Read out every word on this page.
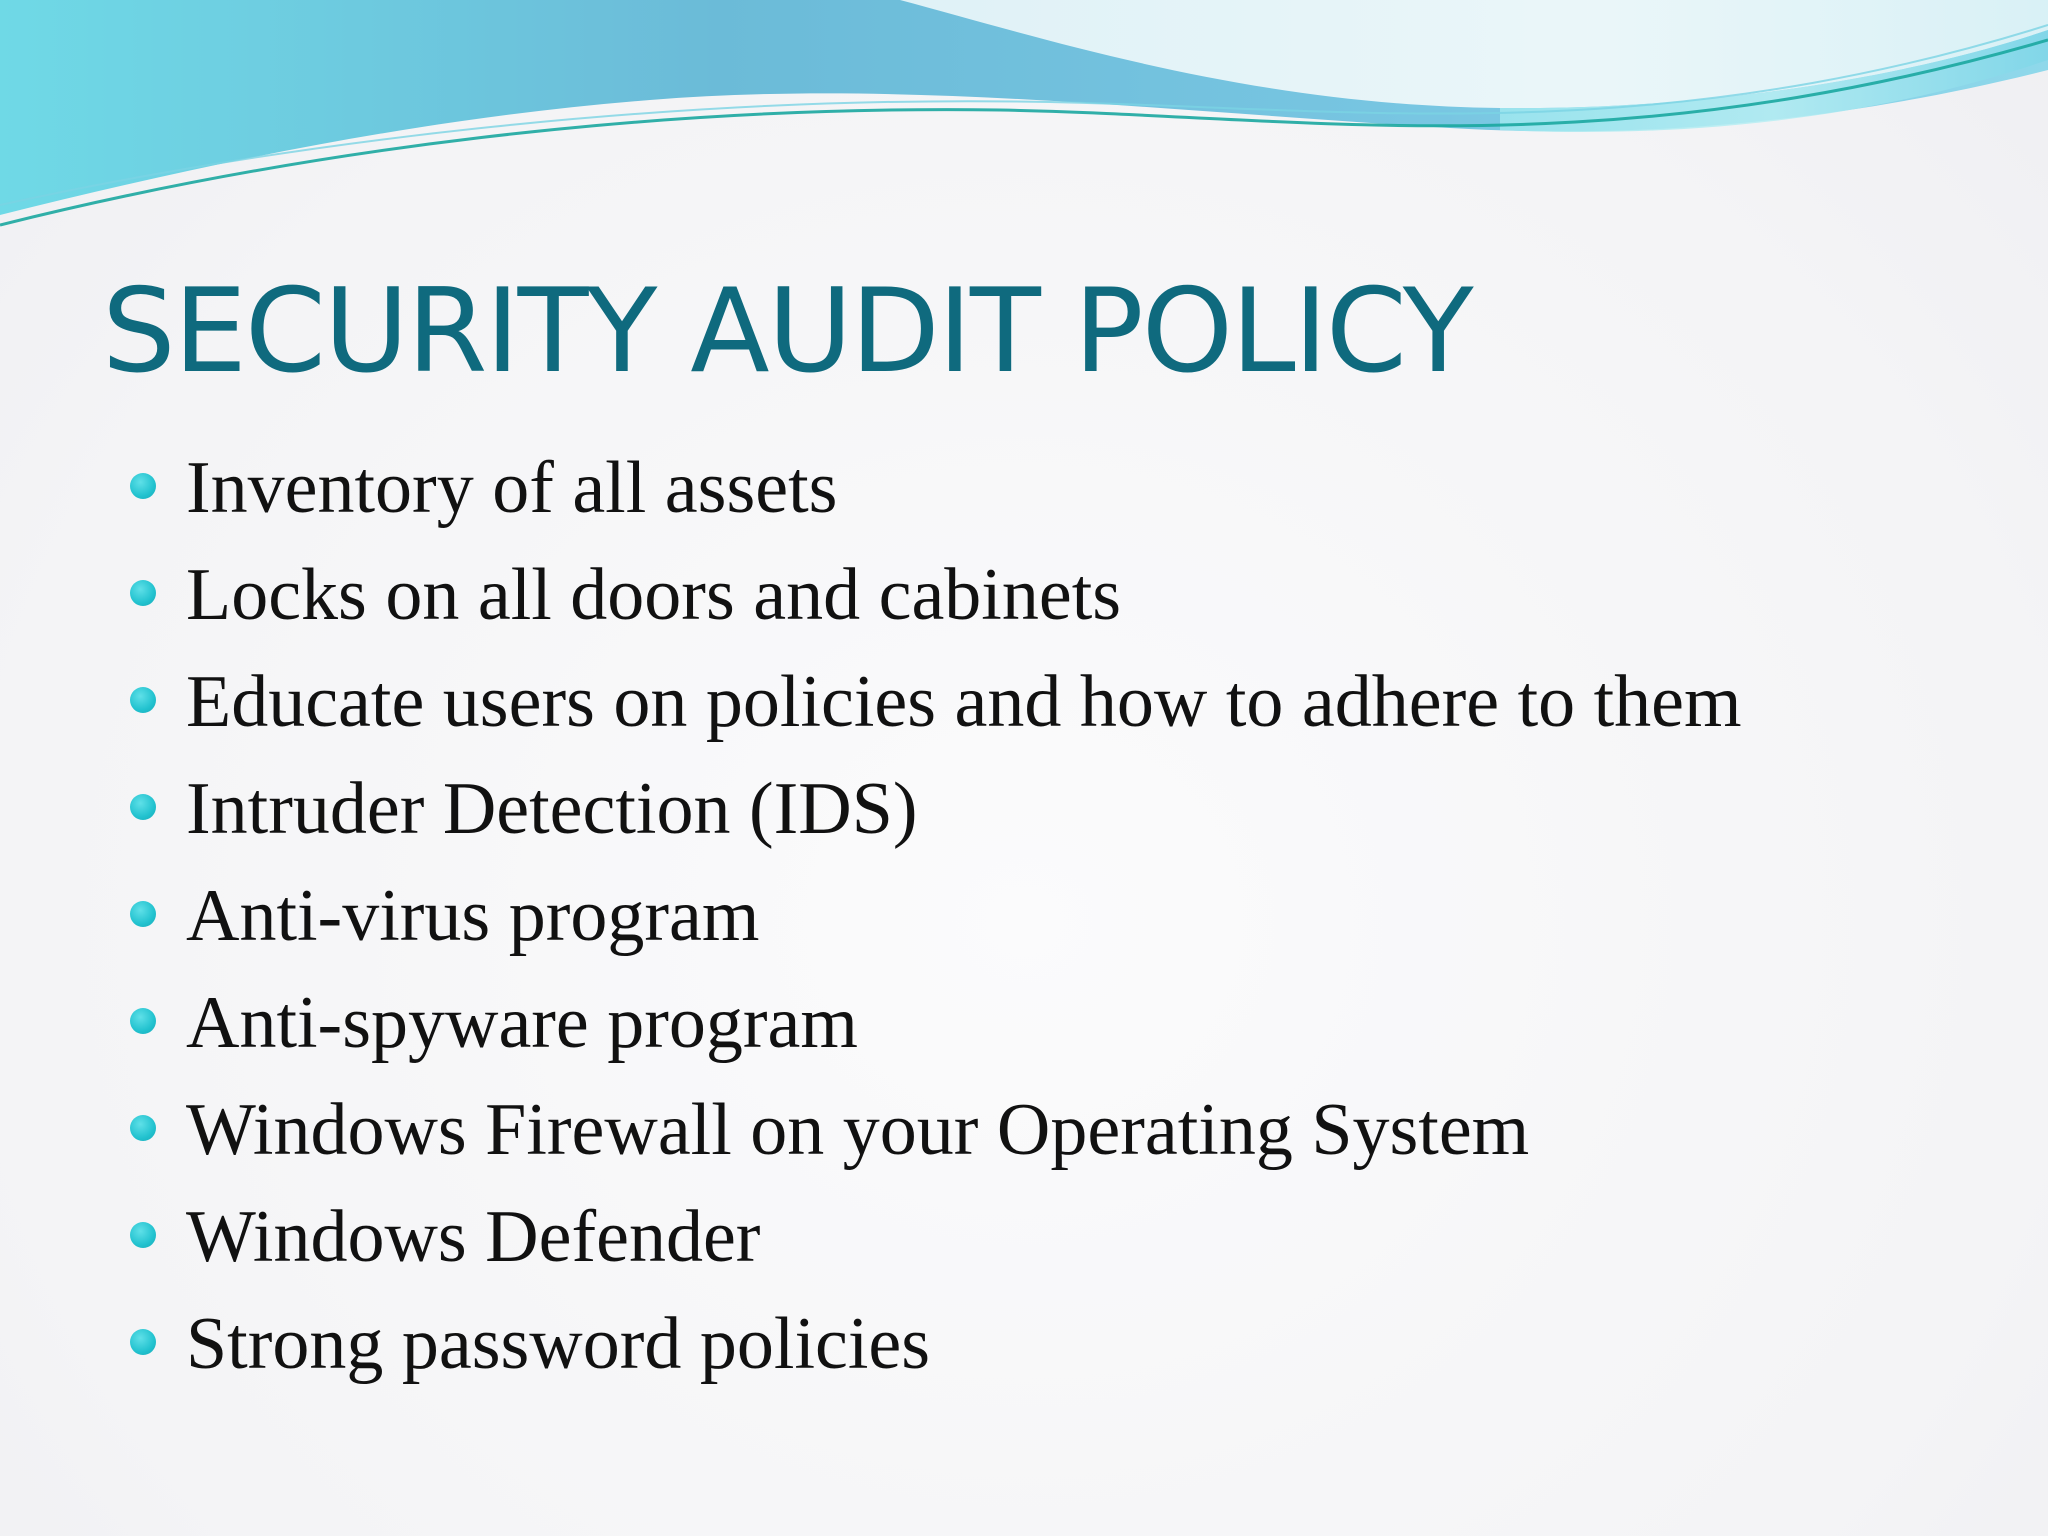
SECURITY AUDIT POLICY
Inventory of all assets
Locks on all doors and cabinets
Educate users on policies and how to adhere to them
Intruder Detection (IDS)
Anti-virus program
Anti-spyware program
Windows Firewall on your Operating System
Windows Defender
Strong password policies
